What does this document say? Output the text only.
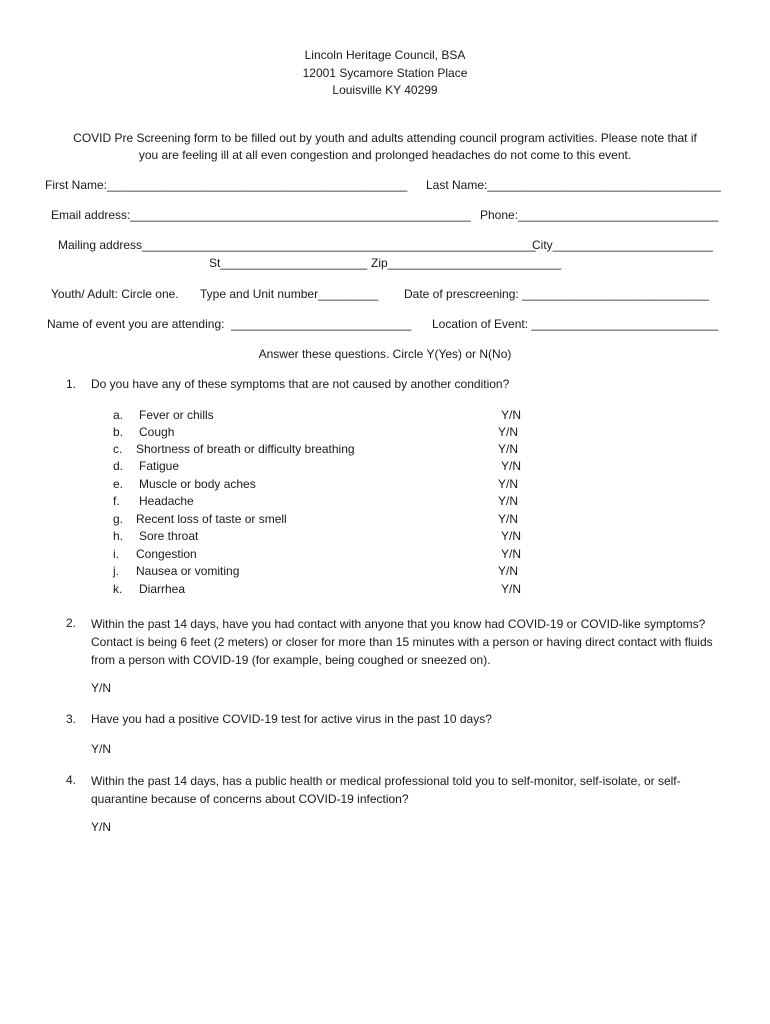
Lincoln Heritage Council, BSA
12001 Sycamore Station Place
Louisville KY 40299
COVID Pre Screening form to be filled out by youth and adults attending council program activities. Please note that if
you are feeling ill at all even congestion and prolonged headaches do not come to this event.
First Name:_____________________________________________ Last Name:___________________________________
Email address:___________________________________________________ Phone:______________________________
Mailing address___________________________________________________________
City________________________
St______________________ Zip__________________________
Youth/ Adult: Circle one. Type and Unit number_________ Date of prescreening: ____________________________
Name of event you are attending:  ___________________________ Location of Event: ____________________________
Answer these questions. Circle Y(Yes) or N(No)
1. Do you have any of these symptoms that are not caused by another condition?
a. Fever or chills	Y/N
b. Cough	Y/N
c. Shortness of breath or difficulty breathing	Y/N
d. Fatigue	Y/N
e. Muscle or body aches	Y/N
f. Headache	Y/N
g. Recent loss of taste or smell	Y/N
h. Sore throat	Y/N
i. Congestion	Y/N
j. Nausea or vomiting	Y/N
k. Diarrhea	Y/N
2. Within the past 14 days, have you had contact with anyone that you know had COVID-19 or COVID-like symptoms? Contact is being 6 feet (2 meters) or closer for more than 15 minutes with a person or having direct contact with fluids from a person with COVID-19 (for example, being coughed or sneezed on).
Y/N
3. Have you had a positive COVID-19 test for active virus in the past 10 days?
Y/N
4. Within the past 14 days, has a public health or medical professional told you to self-monitor, self-isolate, or self-quarantine because of concerns about COVID-19 infection?
Y/N
